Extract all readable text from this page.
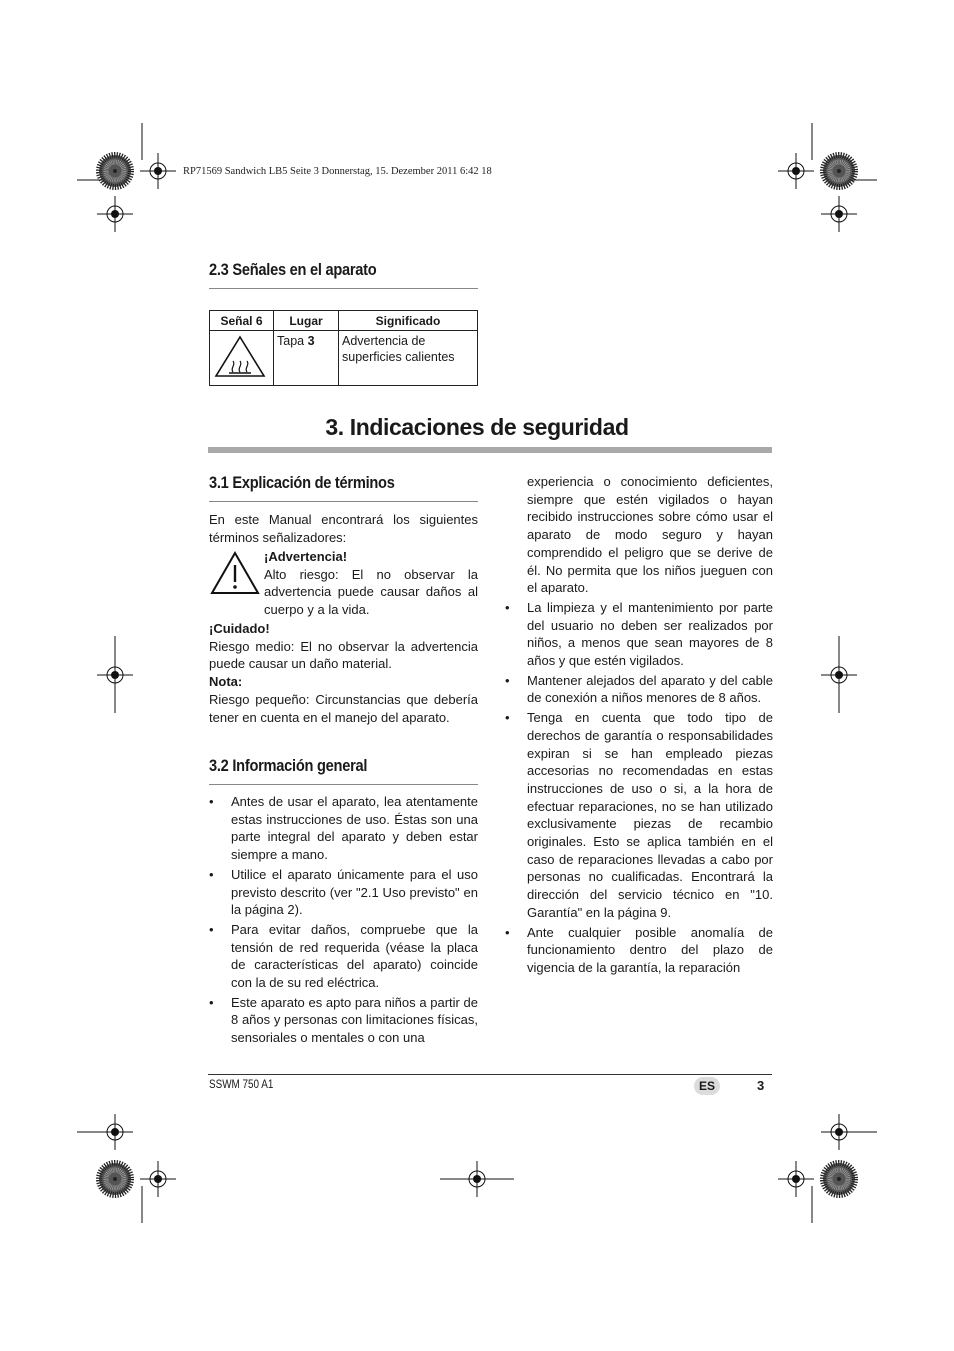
RP71569 Sandwich LB5 Seite 3 Donnerstag, 15. Dezember 2011 6:42 18
2.3 Señales en el aparato
Señal 6	Lugar	Significado
	Tapa 3	Advertencia de superficies calientes
3. Indicaciones de seguridad
3.1 Explicación de términos
En este Manual encontrará los siguientes términos señalizadores:
¡Advertencia!
Alto riesgo: El no observar la advertencia puede causar daños al cuerpo y a la vida.
¡Cuidado!
Riesgo medio: El no observar la advertencia puede causar un daño material.
Nota:
Riesgo pequeño: Circunstancias que debería tener en cuenta en el manejo del aparato.
3.2 Información general
• Antes de usar el aparato, lea atentamente estas instrucciones de uso. Éstas son una parte integral del aparato y deben estar siempre a mano.
• Utilice el aparato únicamente para el uso previsto descrito (ver "2.1 Uso previsto" en la página 2).
• Para evitar daños, compruebe que la tensión de red requerida (véase la placa de características del aparato) coincide con la de su red eléctrica.
• Este aparato es apto para niños a partir de 8 años y personas con limitaciones físicas, sensoriales o mentales o con una
experiencia o conocimiento deficientes, siempre que estén vigilados o hayan recibido instrucciones sobre cómo usar el aparato de modo seguro y hayan comprendido el peligro que se derive de él. No permita que los niños jueguen con el aparato.
• La limpieza y el mantenimiento por parte del usuario no deben ser realizados por niños, a menos que sean mayores de 8 años y que estén vigilados.
• Mantener alejados del aparato y del cable de conexión a niños menores de 8 años.
• Tenga en cuenta que todo tipo de derechos de garantía o responsabilidades expiran si se han empleado piezas accesorias no recomendadas en estas instrucciones de uso o si, a la hora de efectuar reparaciones, no se han utilizado exclusivamente piezas de recambio originales. Esto se aplica también en el caso de reparaciones llevadas a cabo por personas no cualificadas. Encontrará la dirección del servicio técnico en "10. Garantía" en la página 9.
• Ante cualquier posible anomalía de funcionamiento dentro del plazo de vigencia de la garantía, la reparación
SSWM 750 A1	ES	3
